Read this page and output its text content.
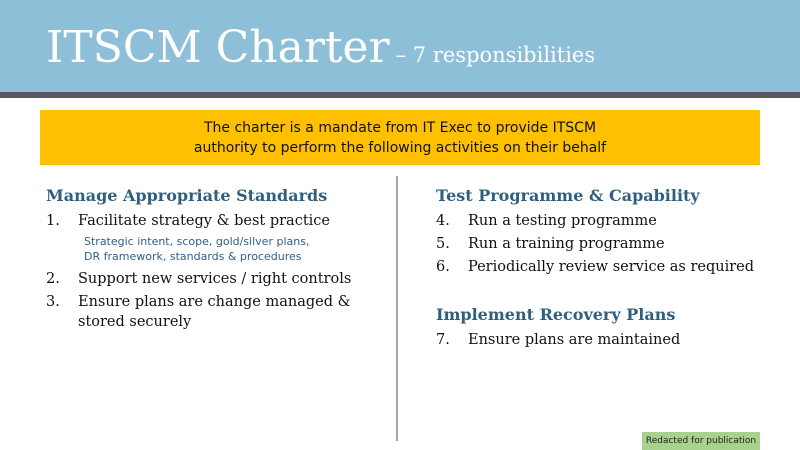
ITSCM Charter – 7 responsibilities
The charter is a mandate from IT Exec to provide ITSCM
authority to perform the following activities on their behalf
Manage Appropriate Standards
1.	Facilitate strategy & best practice
Strategic intent, scope, gold/silver plans,
DR framework, standards & procedures
2.	Support new services / right controls
3.	Ensure plans are change managed &
stored securely
Test Programme & Capability
4.	Run a testing programme
5.	Run a training programme
6.	Periodically review service as required
Implement Recovery Plans
7.	Ensure plans are maintained
Redacted for publication
